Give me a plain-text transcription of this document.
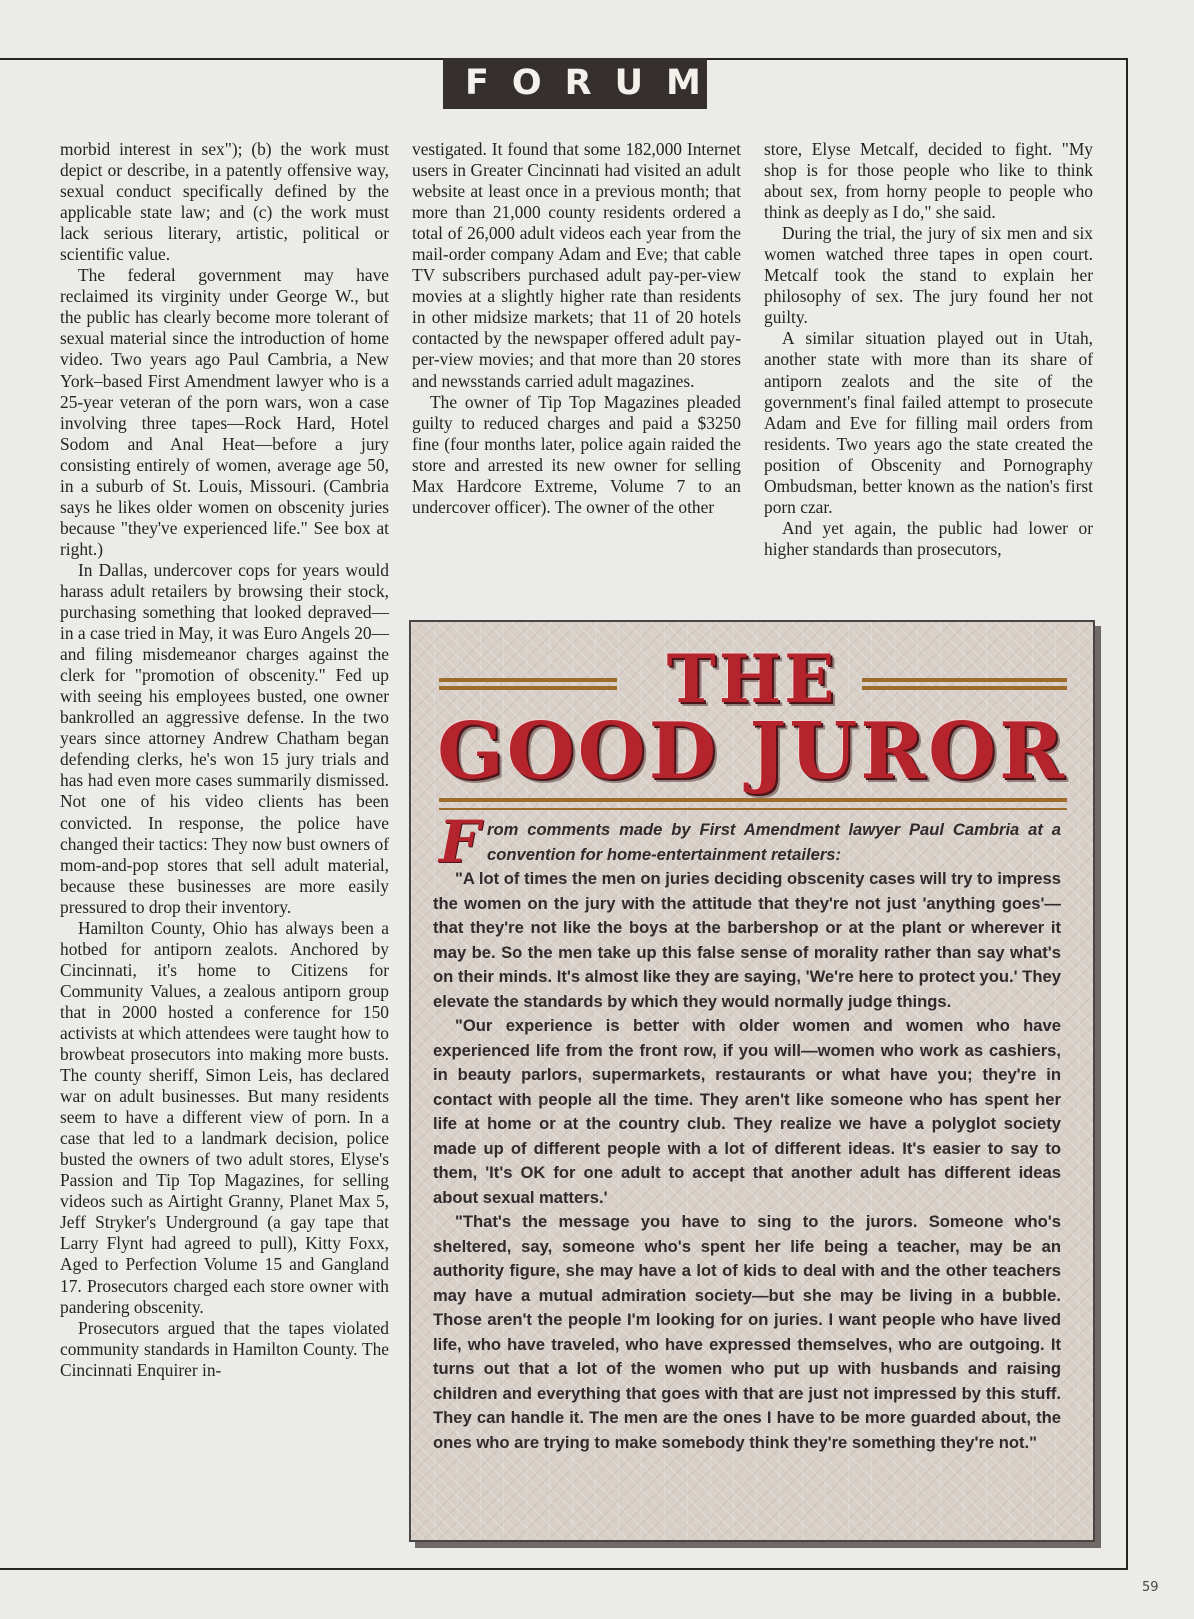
FORUM

morbid interest in sex"); (b) the work must depict or describe, in a patently offensive way, sexual conduct specifically defined by the applicable state law; and (c) the work must lack serious literary, artistic, political or scientific value.

The federal government may have reclaimed its virginity under George W., but the public has clearly become more tolerant of sexual material since the introduction of home video. Two years ago Paul Cambria, a New York–based First Amendment lawyer who is a 25-year veteran of the porn wars, won a case involving three tapes—Rock Hard, Hotel Sodom and Anal Heat—before a jury consisting entirely of women, average age 50, in a suburb of St. Louis, Missouri. (Cambria says he likes older women on obscenity juries because "they've experienced life." See box at right.)

In Dallas, undercover cops for years would harass adult retailers by browsing their stock, purchasing something that looked depraved—in a case tried in May, it was Euro Angels 20—and filing misdemeanor charges against the clerk for "promotion of obscenity." Fed up with seeing his employees busted, one owner bankrolled an aggressive defense. In the two years since attorney Andrew Chatham began defending clerks, he's won 15 jury trials and has had even more cases summarily dismissed. Not one of his video clients has been convicted. In response, the police have changed their tactics: They now bust owners of mom-and-pop stores that sell adult material, because these businesses are more easily pressured to drop their inventory.

Hamilton County, Ohio has always been a hotbed for antiporn zealots. Anchored by Cincinnati, it's home to Citizens for Community Values, a zealous antiporn group that in 2000 hosted a conference for 150 activists at which attendees were taught how to browbeat prosecutors into making more busts. The county sheriff, Simon Leis, has declared war on adult businesses. But many residents seem to have a different view of porn. In a case that led to a landmark decision, police busted the owners of two adult stores, Elyse's Passion and Tip Top Magazines, for selling videos such as Airtight Granny, Planet Max 5, Jeff Stryker's Underground (a gay tape that Larry Flynt had agreed to pull), Kitty Foxx, Aged to Perfection Volume 15 and Gangland 17. Prosecutors charged each store owner with pandering obscenity.

Prosecutors argued that the tapes violated community standards in Hamilton County. The Cincinnati Enquirer in-

vestigated. It found that some 182,000 Internet users in Greater Cincinnati had visited an adult website at least once in a previous month; that more than 21,000 county residents ordered a total of 26,000 adult videos each year from the mail-order company Adam and Eve; that cable TV subscribers purchased adult pay-per-view movies at a slightly higher rate than residents in other midsize markets; that 11 of 20 hotels contacted by the newspaper offered adult pay-per-view movies; and that more than 20 stores and newsstands carried adult magazines.

The owner of Tip Top Magazines pleaded guilty to reduced charges and paid a $3250 fine (four months later, police again raided the store and arrested its new owner for selling Max Hardcore Extreme, Volume 7 to an undercover officer). The owner of the other

store, Elyse Metcalf, decided to fight. "My shop is for those people who like to think about sex, from horny people to people who think as deeply as I do," she said.

During the trial, the jury of six men and six women watched three tapes in open court. Metcalf took the stand to explain her philosophy of sex. The jury found her not guilty.

A similar situation played out in Utah, another state with more than its share of antiporn zealots and the site of the government's final failed attempt to prosecute Adam and Eve for filling mail orders from residents. Two years ago the state created the position of Obscenity and Pornography Ombudsman, better known as the nation's first porn czar.

And yet again, the public had lower or higher standards than prosecutors,

THE
GOOD JUROR

F rom comments made by First Amendment lawyer Paul Cambria at a convention for home-entertainment retailers:

"A lot of times the men on juries deciding obscenity cases will try to impress the women on the jury with the attitude that they're not just 'anything goes'—that they're not like the boys at the barbershop or at the plant or wherever it may be. So the men take up this false sense of morality rather than say what's on their minds. It's almost like they are saying, 'We're here to protect you.' They elevate the standards by which they would normally judge things.

"Our experience is better with older women and women who have experienced life from the front row, if you will—women who work as cashiers, in beauty parlors, supermarkets, restaurants or what have you; they're in contact with people all the time. They aren't like someone who has spent her life at home or at the country club. They realize we have a polyglot society made up of different people with a lot of different ideas. It's easier to say to them, 'It's OK for one adult to accept that another adult has different ideas about sexual matters.'

"That's the message you have to sing to the jurors. Someone who's sheltered, say, someone who's spent her life being a teacher, may be an authority figure, she may have a lot of kids to deal with and the other teachers may have a mutual admiration society—but she may be living in a bubble. Those aren't the people I'm looking for on juries. I want people who have lived life, who have traveled, who have expressed themselves, who are outgoing. It turns out that a lot of the women who put up with husbands and raising children and everything that goes with that are just not impressed by this stuff. They can handle it. The men are the ones I have to be more guarded about, the ones who are trying to make somebody think they're something they're not."

59
